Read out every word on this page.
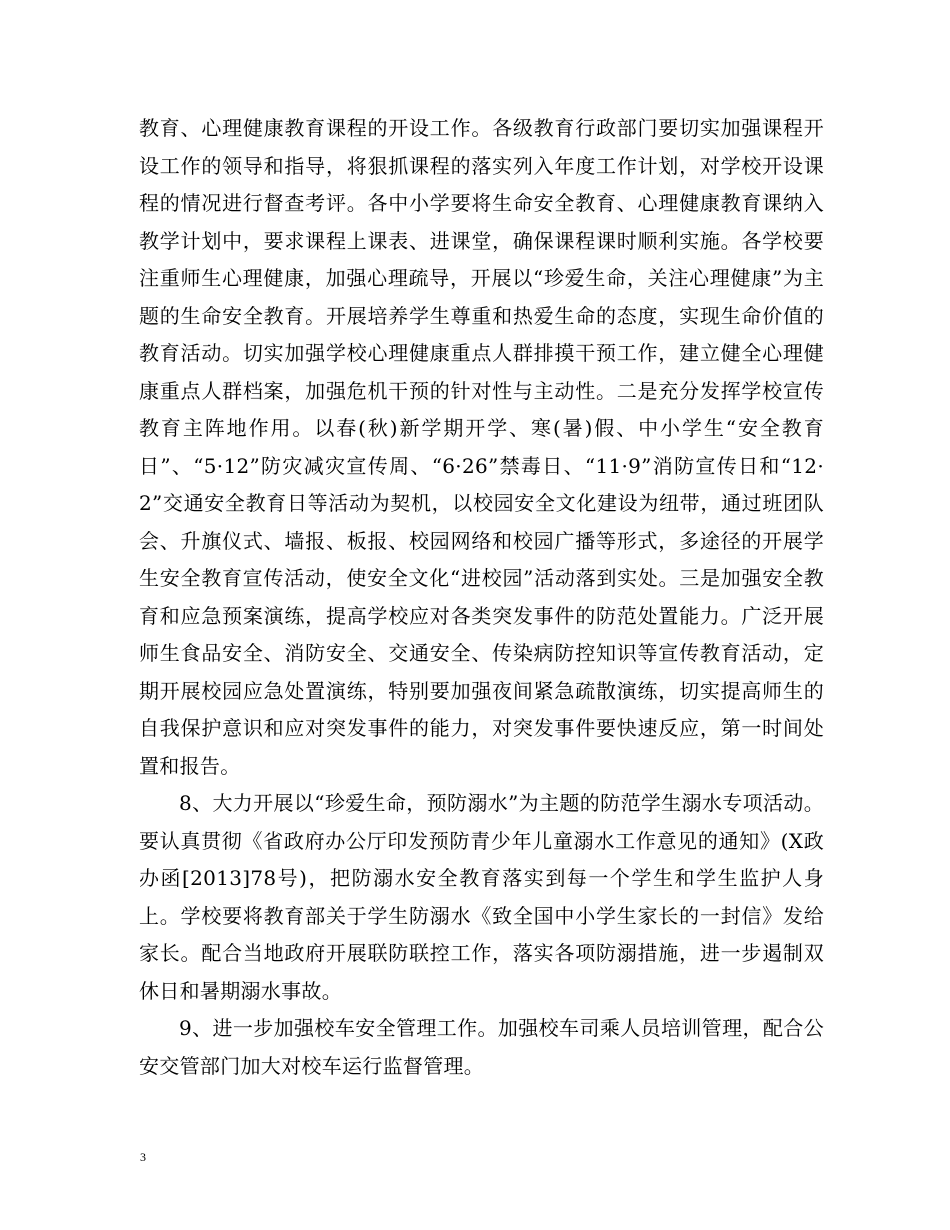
教育、心理健康教育课程的开设工作。各级教育行政部门要切实加强课程开设工作的领导和指导，将狠抓课程的落实列入年度工作计划，对学校开设课程的情况进行督查考评。各中小学要将生命安全教育、心理健康教育课纳入教学计划中，要求课程上课表、进课堂，确保课程课时顺利实施。各学校要注重师生心理健康，加强心理疏导，开展以“珍爱生命，关注心理健康”为主题的生命安全教育。开展培养学生尊重和热爱生命的态度，实现生命价值的教育活动。切实加强学校心理健康重点人群排摸干预工作，建立健全心理健康重点人群档案，加强危机干预的针对性与主动性。二是充分发挥学校宣传教育主阵地作用。以春(秋)新学期开学、寒(暑)假、中小学生“安全教育日”、“5·12”防灾减灾宣传周、“6·26”禁毒日、“11·9”消防宣传日和“12·2”交通安全教育日等活动为契机，以校园安全文化建设为纽带，通过班团队会、升旗仪式、墙报、板报、校园网络和校园广播等形式，多途径的开展学生安全教育宣传活动，使安全文化“进校园”活动落到实处。三是加强安全教育和应急预案演练，提高学校应对各类突发事件的防范处置能力。广泛开展师生食品安全、消防安全、交通安全、传染病防控知识等宣传教育活动，定期开展校园应急处置演练，特别要加强夜间紧急疏散演练，切实提高师生的自我保护意识和应对突发事件的能力，对突发事件要快速反应，第一时间处置和报告。

8、大力开展以“珍爱生命，预防溺水”为主题的防范学生溺水专项活动。要认真贯彻《省政府办公厅印发预防青少年儿童溺水工作意见的通知》(X政办函[2013]78号)，把防溺水安全教育落实到每一个学生和学生监护人身上。学校要将教育部关于学生防溺水《致全国中小学生家长的一封信》发给家长。配合当地政府开展联防联控工作，落实各项防溺措施，进一步遏制双休日和暑期溺水事故。

9、进一步加强校车安全管理工作。加强校车司乘人员培训管理，配合公安交管部门加大对校车运行监督管理。

3
